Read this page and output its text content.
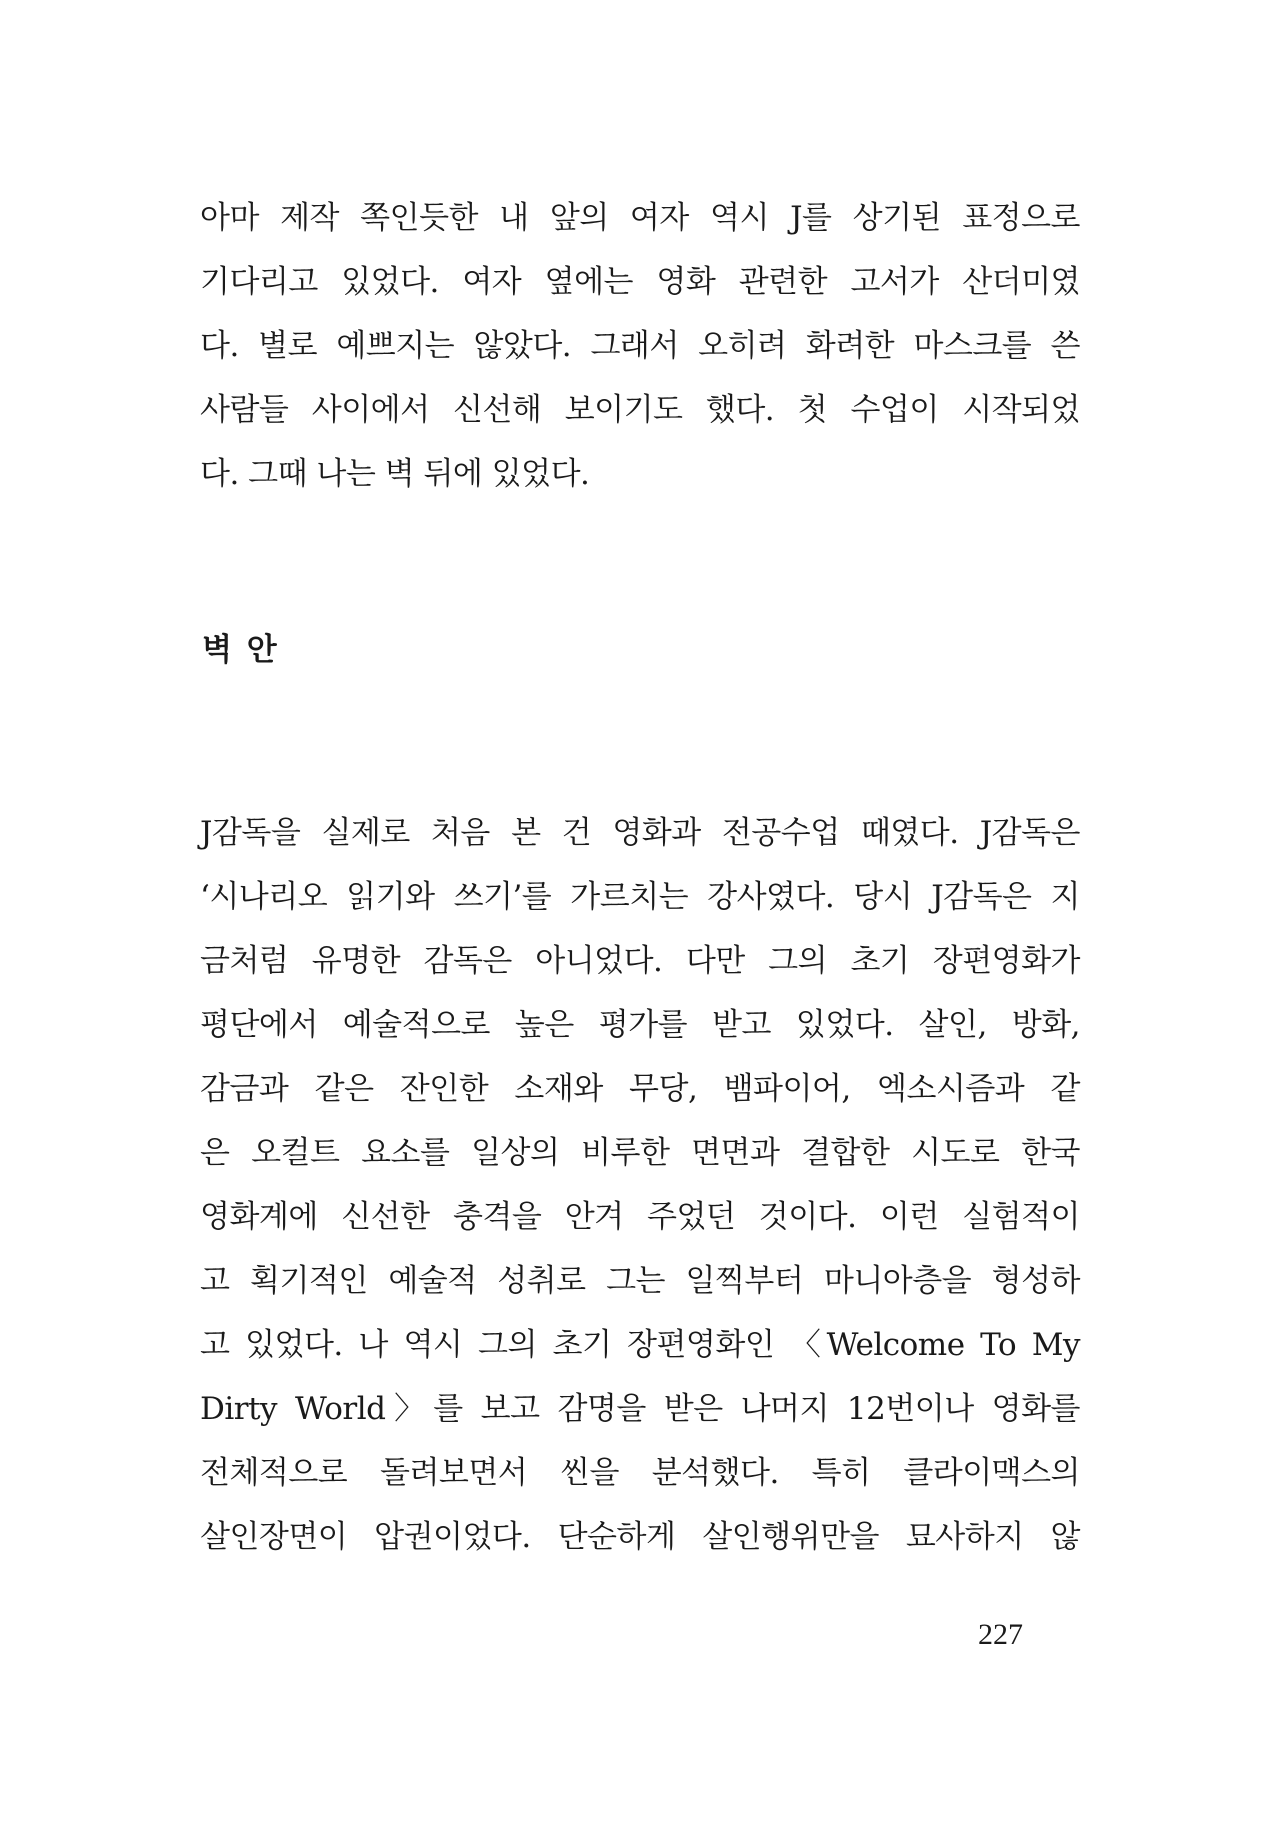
아마 제작 쪽인듯한 내 앞의 여자 역시 J를 상기된 표정으로
기다리고 있었다. 여자 옆에는 영화 관련한 고서가 산더미였
다. 별로 예쁘지는 않았다. 그래서 오히려 화려한 마스크를 쓴
사람들 사이에서 신선해 보이기도 했다. 첫 수업이 시작되었
다. 그때 나는 벽 뒤에 있었다.
벽 안
J감독을 실제로 처음 본 건 영화과 전공수업 때였다. J감독은
‘시나리오 읽기와 쓰기’를 가르치는 강사였다. 당시 J감독은 지
금처럼 유명한 감독은 아니었다. 다만 그의 초기 장편영화가
평단에서 예술적으로 높은 평가를 받고 있었다. 살인, 방화,
감금과 같은 잔인한 소재와 무당, 뱀파이어, 엑소시즘과 같
은 오컬트 요소를 일상의 비루한 면면과 결합한 시도로 한국
영화계에 신선한 충격을 안겨 주었던 것이다. 이런 실험적이
고 획기적인 예술적 성취로 그는 일찍부터 마니아층을 형성하
고 있었다. 나 역시 그의 초기 장편영화인 〈Welcome To My
Dirty World〉를 보고 감명을 받은 나머지 12번이나 영화를
전체적으로 돌려보면서 씬을 분석했다. 특히 클라이맥스의
살인장면이 압권이었다. 단순하게 살인행위만을 묘사하지 않
227
